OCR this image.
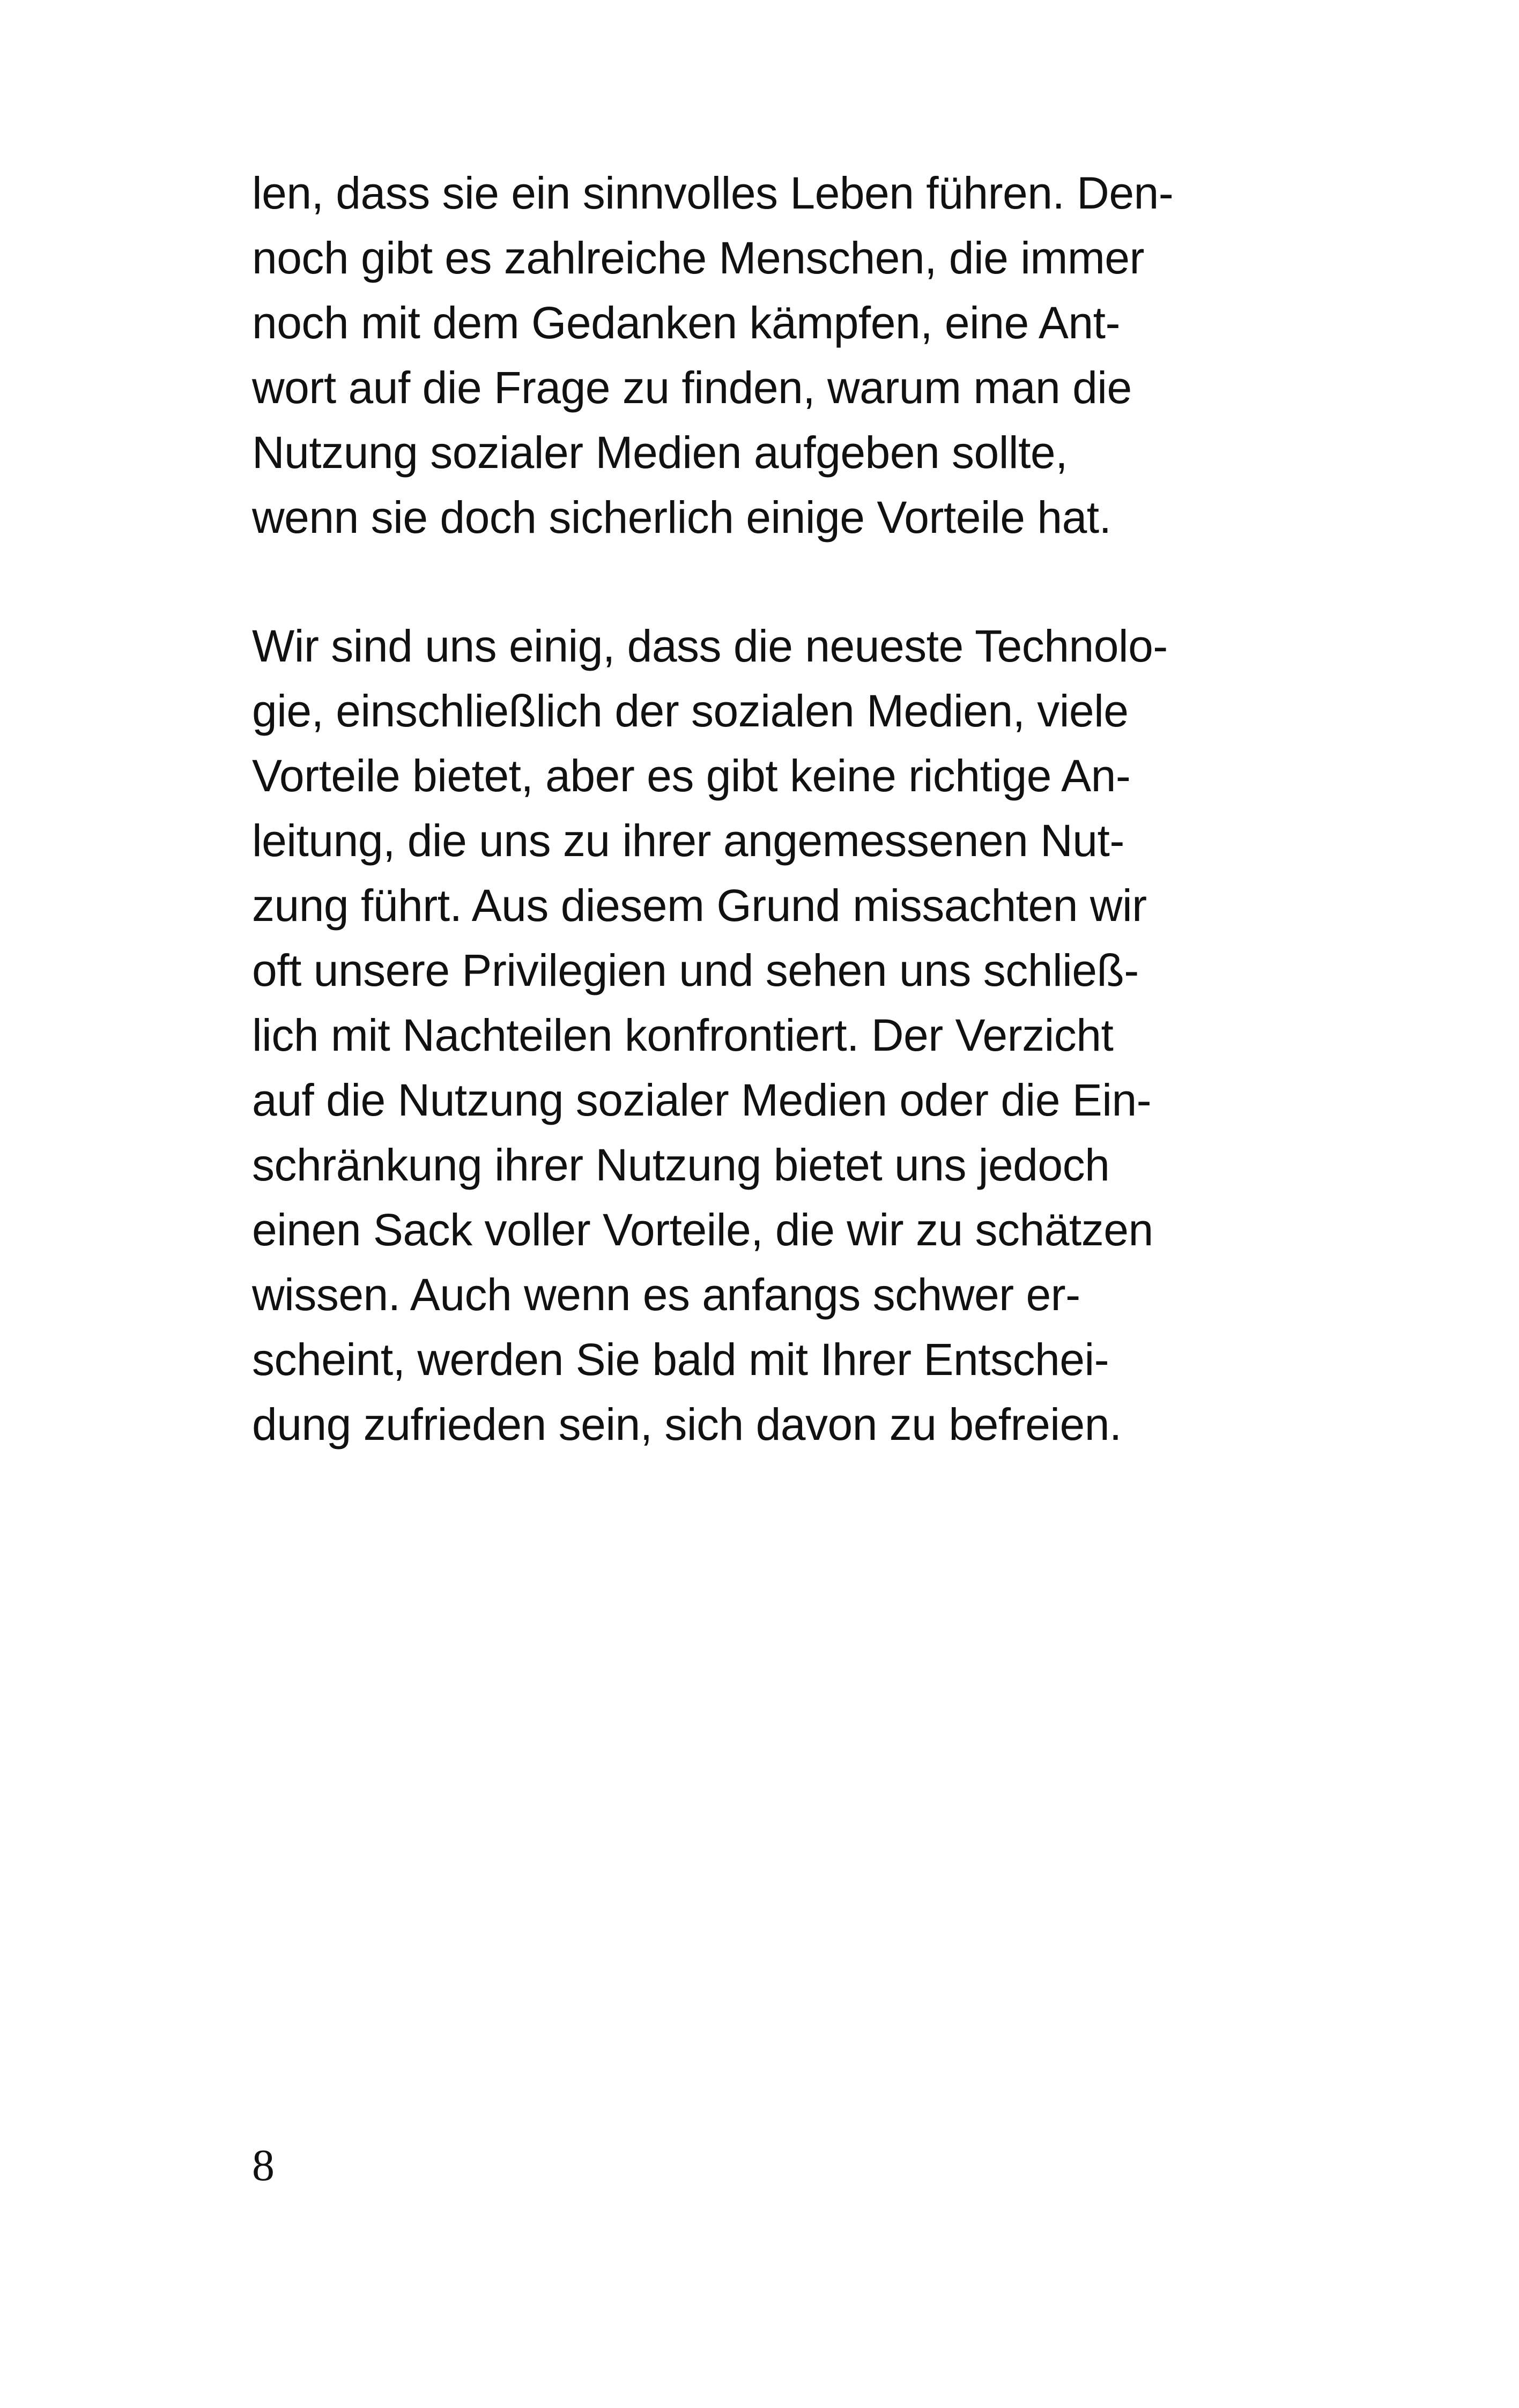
len, dass sie ein sinnvolles Leben führen. Den-
noch gibt es zahlreiche Menschen, die immer
noch mit dem Gedanken kämpfen, eine Ant-
wort auf die Frage zu finden, warum man die
Nutzung sozialer Medien aufgeben sollte,
wenn sie doch sicherlich einige Vorteile hat.
Wir sind uns einig, dass die neueste Technolo-
gie, einschließlich der sozialen Medien, viele
Vorteile bietet, aber es gibt keine richtige An-
leitung, die uns zu ihrer angemessenen Nut-
zung führt. Aus diesem Grund missachten wir
oft unsere Privilegien und sehen uns schließ-
lich mit Nachteilen konfrontiert. Der Verzicht
auf die Nutzung sozialer Medien oder die Ein-
schränkung ihrer Nutzung bietet uns jedoch
einen Sack voller Vorteile, die wir zu schätzen
wissen. Auch wenn es anfangs schwer er-
scheint, werden Sie bald mit Ihrer Entschei-
dung zufrieden sein, sich davon zu befreien.
8
